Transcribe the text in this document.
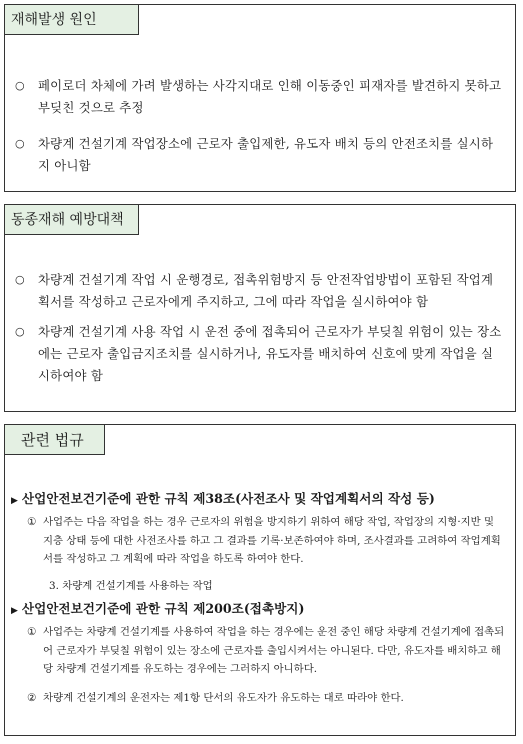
재해발생 원인
○ 페이로더 차체에 가려 발생하는 사각지대로 인해 이동중인 피재자를 발견하지 못하고 부딪친 것으로 추정
○ 차량계 건설기계 작업장소에 근로자 출입제한, 유도자 배치 등의 안전조치를 실시하지 아니함
동종재해 예방대책
○ 차량계 건설기계 작업 시 운행경로, 접촉위험방지 등 안전작업방법이 포함된 작업계획서를 작성하고 근로자에게 주지하고, 그에 따라 작업을 실시하여야 함
○ 차량계 건설기계 사용 작업 시 운전 중에 접촉되어 근로자가 부딪칠 위험이 있는 장소에는 근로자 출입금지조치를 실시하거나, 유도자를 배치하여 신호에 맞게 작업을 실시하여야 함
관련 법규
▶ 산업안전보건기준에 관한 규칙 제38조(사전조사 및 작업계획서의 작성 등)
① 사업주는 다음 작업을 하는 경우 근로자의 위험을 방지하기 위하여 해당 작업, 작업장의 지형·지반 및 지층 상태 등에 대한 사전조사를 하고 그 결과를 기록·보존하여야 하며, 조사결과를 고려하여 작업계획서를 작성하고 그 계획에 따라 작업을 하도록 하여야 한다.
3. 차량계 건설기계를 사용하는 작업
▶ 산업안전보건기준에 관한 규칙 제200조(접촉방지)
① 사업주는 차량계 건설기계를 사용하여 작업을 하는 경우에는 운전 중인 해당 차량계 건설기계에 접촉되어 근로자가 부딪칠 위험이 있는 장소에 근로자를 출입시켜서는 아니된다. 다만, 유도자를 배치하고 해당 차량계 건설기계를 유도하는 경우에는 그러하지 아니하다.
② 차량계 건설기계의 운전자는 제1항 단서의 유도자가 유도하는 대로 따라야 한다.
